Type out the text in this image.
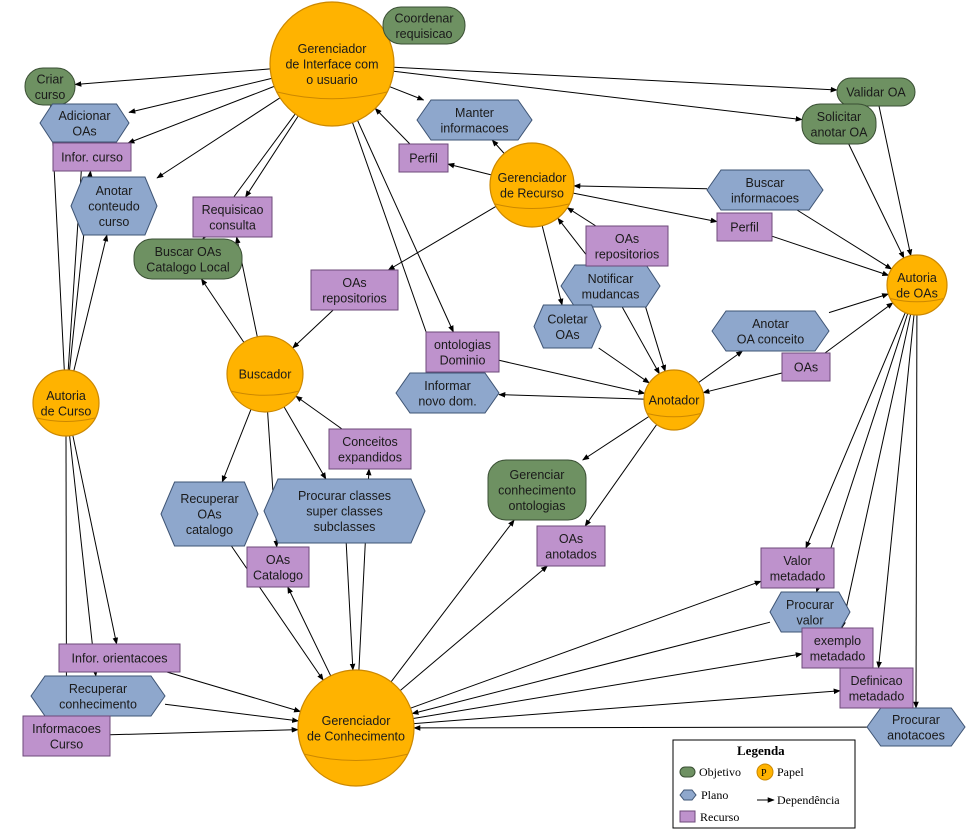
Gerenciador
de Interface com
o usuario
Gerenciador
de Recurso
Autoria
de OAs
Autoria
de Curso
Buscador
Anotador
Gerenciador
de Conhecimento
Coordenar
requisicao
Criar
curso	Validar OA
Solicitar
anotar OA
Buscar OAs
Catalogo Local
Gerenciar
conhecimento
ontologias
Adicionar
OAs
Anotar
conteudo
curso
Manter
informacoes
Buscar
informacoes
Notificar
mudancas
Coletar
OAs
Anotar
OA conceito
Informar
novo dom.
Recuperar
OAs
catalogo
Procurar classes
super classes
subclasses
Procurar
valor
Recuperar
conhecimento
Procurar
anotacoes
Infor. curso	Perfil
Perfil
Requisicao
consulta
OAs
repositorios
OAs
repositorios
ontologias
Dominio
OAs
Conceitos
expandidos
OAs
Catalogo
OAs
anotados	Valor
metadado
exemplo
metadado
Definicao
metadado
Infor. orientacoes
Informacoes
Curso	Legenda
Objetivo P Papel
Plano	Dependência
Recurso
